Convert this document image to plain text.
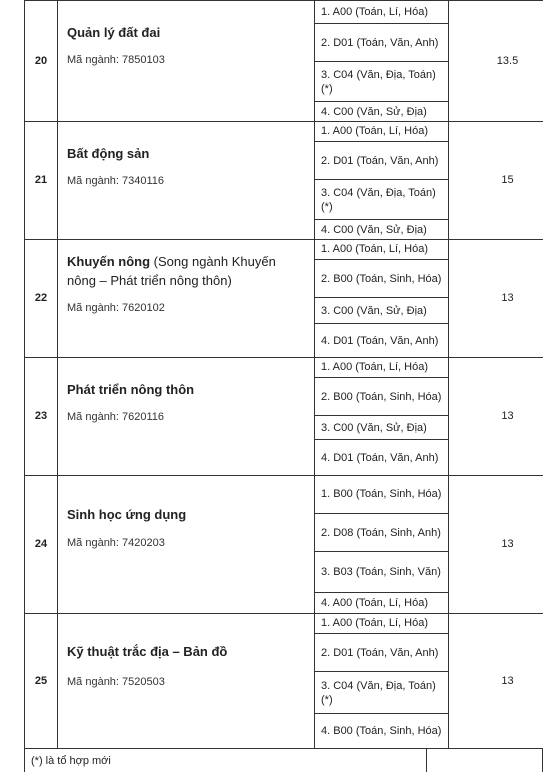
20
Quản lý đất đai
Mã ngành: 7850103
1. A00 (Toán, Lí, Hóa)
2. D01 (Toán, Văn, Anh)
3. C04 (Văn, Địa, Toán) (*)
4. C00 (Văn, Sử, Địa)
13.5
21
Bất động sản
Mã ngành: 7340116
1. A00 (Toán, Lí, Hóa)
2. D01 (Toán, Văn, Anh)
3. C04 (Văn, Địa, Toán) (*)
4. C00 (Văn, Sử, Địa)
15
22
Khuyến nông (Song ngành Khuyến nông – Phát triển nông thôn)
Mã ngành: 7620102
1. A00 (Toán, Lí, Hóa)
2. B00 (Toán, Sinh, Hóa)
3. C00 (Văn, Sử, Địa)
4. D01 (Toán, Văn, Anh)
13
23
Phát triển nông thôn
Mã ngành: 7620116
1. A00 (Toán, Lí, Hóa)
2. B00 (Toán, Sinh, Hóa)
3. C00 (Văn, Sử, Địa)
4. D01 (Toán, Văn, Anh)
13
24
Sinh học ứng dụng
Mã ngành: 7420203
1. B00 (Toán, Sinh, Hóa)
2. D08 (Toán, Sinh, Anh)
3. B03 (Toán, Sinh, Văn)
4. A00 (Toán, Lí, Hóa)
13
25
Kỹ thuật trắc địa – Bản đồ
Mã ngành: 7520503
1. A00 (Toán, Lí, Hóa)
2. D01 (Toán, Văn, Anh)
3. C04 (Văn, Địa, Toán) (*)
4. B00 (Toán, Sinh, Hóa)
13
(*) là tổ hợp mới
